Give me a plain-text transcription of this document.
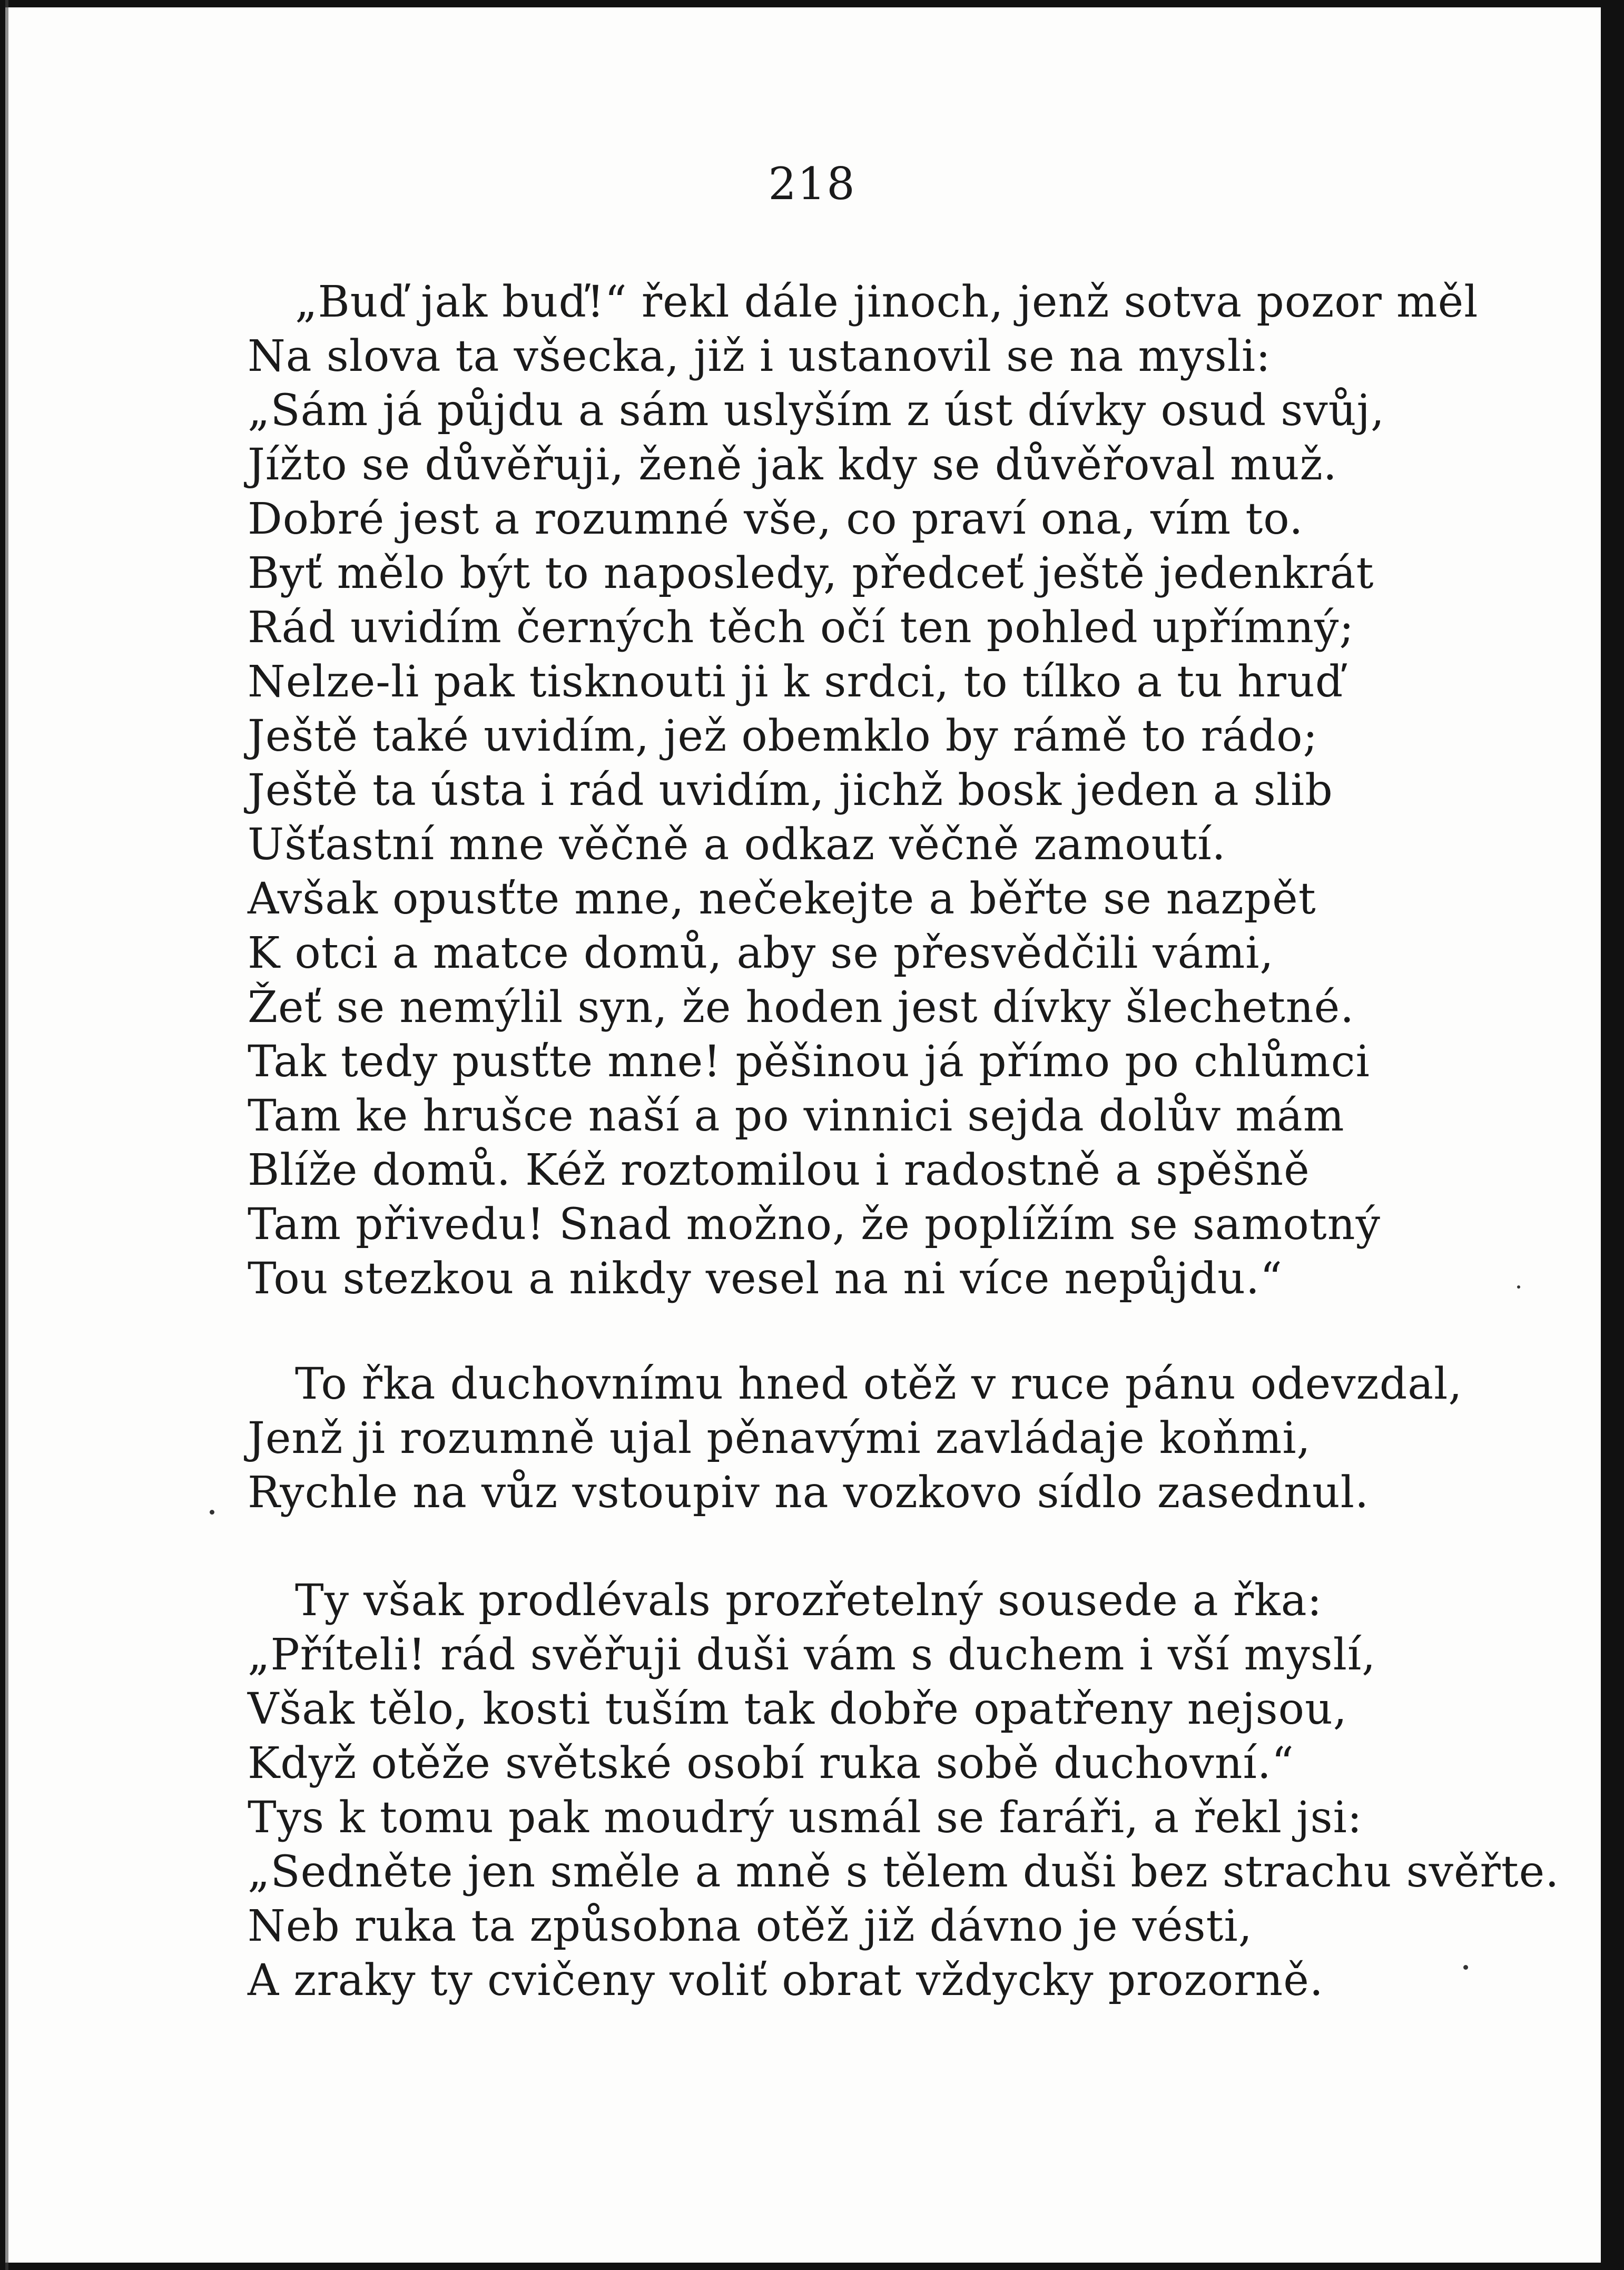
218
„Buď jak buď!“ řekl dále jinoch, jenž sotva pozor měl
Na slova ta všecka, již i ustanovil se na mysli:
„Sám já půjdu a sám uslyším z úst dívky osud svůj,
Jížto se důvěřuji, ženě jak kdy se důvěřoval muž.
Dobré jest a rozumné vše, co praví ona, vím to.
Byť mělo být to naposledy, předceť ještě jedenkrát
Rád uvidím černých těch očí ten pohled upřímný;
Nelze-li pak tisknouti ji k srdci, to tílko a tu hruď
Ještě také uvidím, jež obemklo by rámě to rádo;
Ještě ta ústa i rád uvidím, jichž bosk jeden a slib
Ušťastní mne věčně a odkaz věčně zamoutí.
Avšak opusťte mne, nečekejte a běřte se nazpět
K otci a matce domů, aby se přesvědčili vámi,
Žeť se nemýlil syn, že hoden jest dívky šlechetné.
Tak tedy pusťte mne! pěšinou já přímo po chlůmci
Tam ke hrušce naší a po vinnici sejda dolův mám
Blíže domů. Kéž roztomilou i radostně a spěšně
Tam přivedu! Snad možno, že poplížím se samotný
Tou stezkou a nikdy vesel na ni více nepůjdu.“
To řka duchovnímu hned otěž v ruce pánu odevzdal,
Jenž ji rozumně ujal pěnavými zavládaje koňmi,
Rychle na vůz vstoupiv na vozkovo sídlo zasednul.
Ty však prodlévals prozřetelný sousede a řka:
„Příteli! rád svěřuji duši vám s duchem i vší myslí,
Však tělo, kosti tuším tak dobře opatřeny nejsou,
Když otěže světské osobí ruka sobě duchovní.“
Tys k tomu pak moudrý usmál se faráři, a řekl jsi:
„Sedněte jen směle a mně s tělem duši bez strachu svěřte.
Neb ruka ta způsobna otěž již dávno je vésti,
A zraky ty cvičeny voliť obrat vždycky prozorně.
